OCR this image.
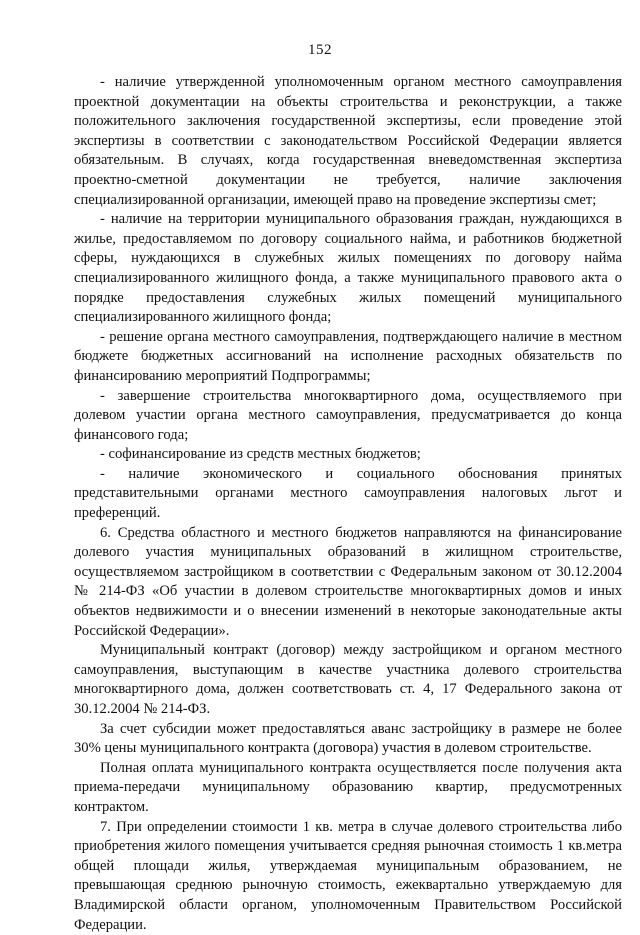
152

- наличие утвержденной уполномоченным органом местного самоуправления проектной документации на объекты строительства и реконструкции, а также положительного заключения государственной экспертизы, если проведение этой экспертизы в соответствии с законодательством Российской Федерации является обязательным. В случаях, когда государственная вневедомственная экспертиза проектно-сметной документации не требуется, наличие заключения специализированной организации, имеющей право на проведение экспертизы смет;

- наличие на территории муниципального образования граждан, нуждающихся в жилье, предоставляемом по договору социального найма, и работников бюджетной сферы, нуждающихся в служебных жилых помещениях по договору найма специализированного жилищного фонда, а также муниципального правового акта о порядке предоставления служебных жилых помещений муниципального специализированного жилищного фонда;

- решение органа местного самоуправления, подтверждающего наличие в местном бюджете бюджетных ассигнований на исполнение расходных обязательств по финансированию мероприятий Подпрограммы;

- завершение строительства многоквартирного дома, осуществляемого при долевом участии органа местного самоуправления, предусматривается до конца финансового года;

- софинансирование из средств местных бюджетов;

- наличие экономического и социального обоснования принятых представительными органами местного самоуправления налоговых льгот и преференций.

6. Средства областного и местного бюджетов направляются на финансирование долевого участия муниципальных образований в жилищном строительстве, осуществляемом застройщиком в соответствии с Федеральным законом от 30.12.2004 № 214-ФЗ «Об участии в долевом строительстве многоквартирных домов и иных объектов недвижимости и о внесении изменений в некоторые законодательные акты Российской Федерации».

Муниципальный контракт (договор) между застройщиком и органом местного самоуправления, выступающим в качестве участника долевого строительства многоквартирного дома, должен соответствовать ст. 4, 17 Федерального закона от 30.12.2004 № 214-ФЗ.

За счет субсидии может предоставляться аванс застройщику в размере не более 30% цены муниципального контракта (договора) участия в долевом строительстве.

Полная оплата муниципального контракта осуществляется после получения акта приема-передачи муниципальному образованию квартир, предусмотренных контрактом.

7. При определении стоимости 1 кв. метра в случае долевого строительства либо приобретения жилого помещения учитывается средняя рыночная стоимость 1 кв.метра общей площади жилья, утверждаемая муниципальным образованием, не превышающая среднюю рыночную стоимость, ежеквартально утверждаемую для Владимирской области органом, уполномоченным Правительством Российской Федерации.
